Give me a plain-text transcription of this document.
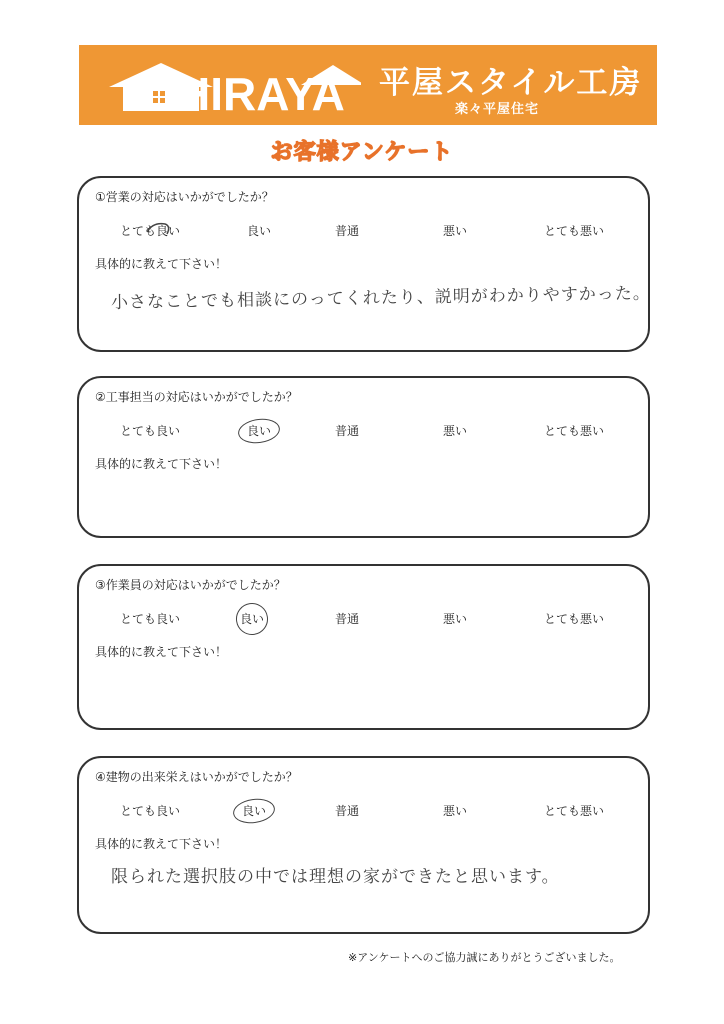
HIRAYA 平屋スタイル工房
楽々平屋住宅
お客様アンケート
①営業の対応はいかがでしたか？
とても良い	良い	普通	悪い	とても悪い
具体的に教えて下さい！
小さなことでも相談にのってくれたり、説明がわかりやすかった。
②工事担当の対応はいかがでしたか？
とても良い	良い	普通	悪い	とても悪い
具体的に教えて下さい！
③作業員の対応はいかがでしたか？
とても良い	良い	普通	悪い	とても悪い
具体的に教えて下さい！
④建物の出来栄えはいかがでしたか？
とても良い	良い	普通	悪い	とても悪い
具体的に教えて下さい！
限られた選択肢の中では理想の家ができたと思います。
※アンケートへのご協力誠にありがとうございました。
